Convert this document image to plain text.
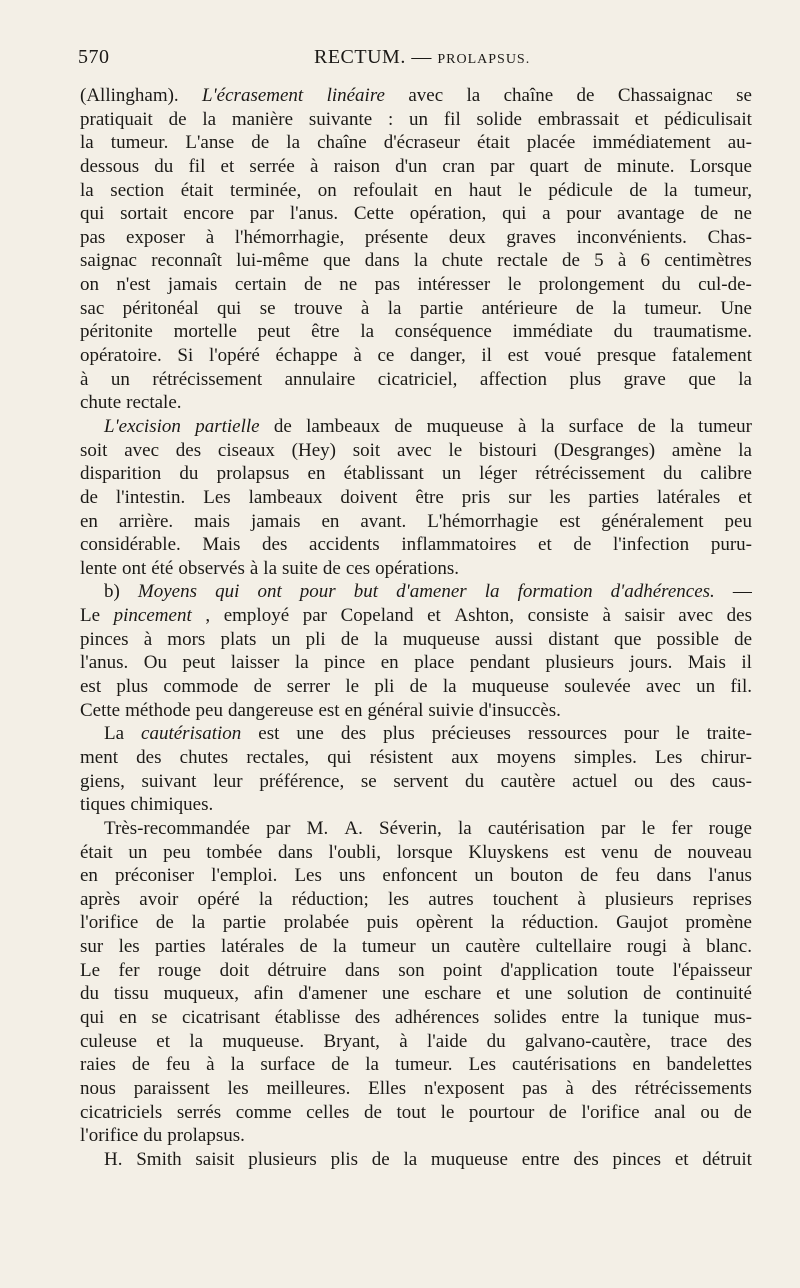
570	RECTUM. — PROLAPSUS.
(Allingham). L'écrasement linéaire avec la chaîne de Chassaignac se
pratiquait de la manière suivante : un fil solide embrassait et pédiculisait
la tumeur. L'anse de la chaîne d'écraseur était placée immédiatement au-
dessous du fil et serrée à raison d'un cran par quart de minute. Lorsque
la section était terminée, on refoulait en haut le pédicule de la tumeur,
qui sortait encore par l'anus. Cette opération, qui a pour avantage de ne
pas exposer à l'hémorrhagie, présente deux graves inconvénients. Chas-
saignac reconnaît lui-même que dans la chute rectale de 5 à 6 centimètres
on n'est jamais certain de ne pas intéresser le prolongement du cul-de-
sac péritonéal qui se trouve à la partie antérieure de la tumeur. Une
péritonite mortelle peut être la conséquence immédiate du traumatisme.
opératoire. Si l'opéré échappe à ce danger, il est voué presque fatalement
à un rétrécissement annulaire cicatriciel, affection plus grave que la
chute rectale.
L'excision partielle de lambeaux de muqueuse à la surface de la tumeur
soit avec des ciseaux (Hey) soit avec le bistouri (Desgranges) amène la
disparition du prolapsus en établissant un léger rétrécissement du calibre
de l'intestin. Les lambeaux doivent être pris sur les parties latérales et
en arrière. mais jamais en avant. L'hémorrhagie est généralement peu
considérable. Mais des accidents inflammatoires et de l'infection puru-
lente ont été observés à la suite de ces opérations.
b) Moyens qui ont pour but d'amener la formation d'adhérences. —
Le pincement , employé par Copeland et Ashton, consiste à saisir avec des
pinces à mors plats un pli de la muqueuse aussi distant que possible de
l'anus. Ou peut laisser la pince en place pendant plusieurs jours. Mais il
est plus commode de serrer le pli de la muqueuse soulevée avec un fil.
Cette méthode peu dangereuse est en général suivie d'insuccès.
La cautérisation est une des plus précieuses ressources pour le traite-
ment des chutes rectales, qui résistent aux moyens simples. Les chirur-
giens, suivant leur préférence, se servent du cautère actuel ou des caus-
tiques chimiques.
Très-recommandée par M. A. Séverin, la cautérisation par le fer rouge
était un peu tombée dans l'oubli, lorsque Kluyskens est venu de nouveau
en préconiser l'emploi. Les uns enfoncent un bouton de feu dans l'anus
après avoir opéré la réduction; les autres touchent à plusieurs reprises
l'orifice de la partie prolabée puis opèrent la réduction. Gaujot promène
sur les parties latérales de la tumeur un cautère cultellaire rougi à blanc.
Le fer rouge doit détruire dans son point d'application toute l'épaisseur
du tissu muqueux, afin d'amener une eschare et une solution de continuité
qui en se cicatrisant établisse des adhérences solides entre la tunique mus-
culeuse et la muqueuse. Bryant, à l'aide du galvano-cautère, trace des
raies de feu à la surface de la tumeur. Les cautérisations en bandelettes
nous paraissent les meilleures. Elles n'exposent pas à des rétrécissements
cicatriciels serrés comme celles de tout le pourtour de l'orifice anal ou de
l'orifice du prolapsus.
H. Smith saisit plusieurs plis de la muqueuse entre des pinces et détruit
